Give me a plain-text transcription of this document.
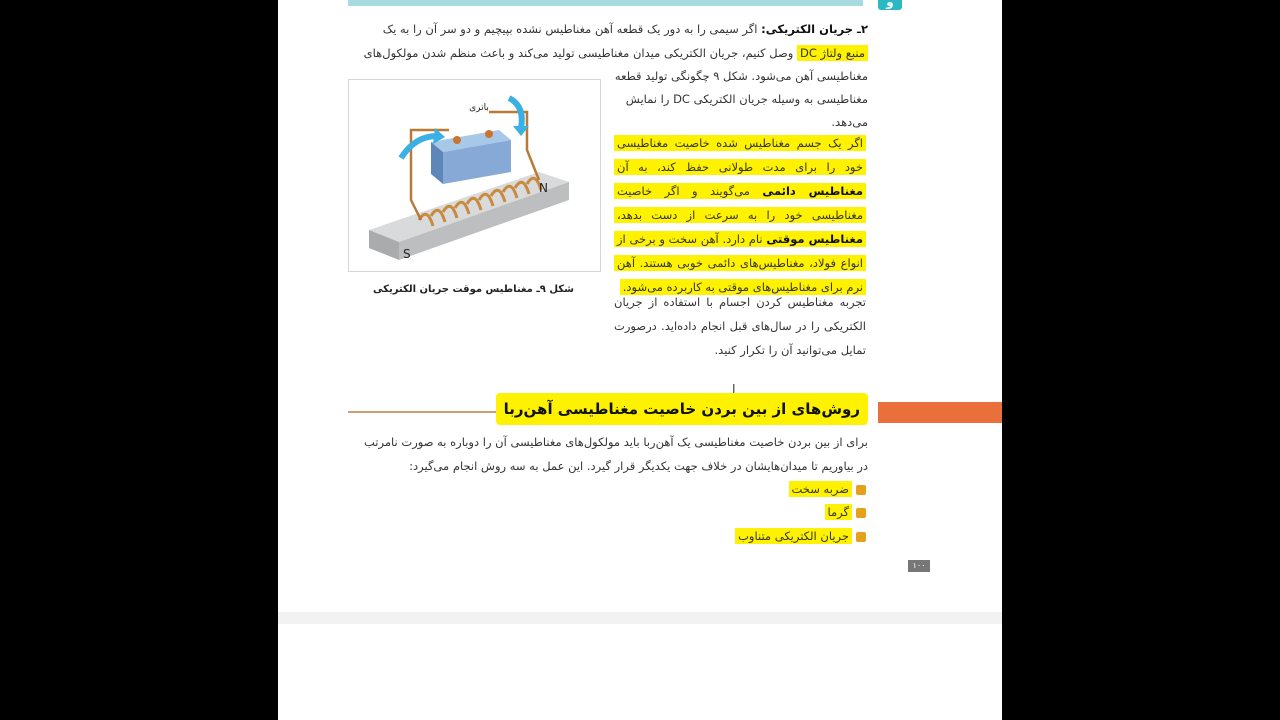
و
۲ـ جریان الکتریکی: اگر سیمی را به دور یک قطعه آهن مغناطیس نشده بپیچیم و دو سر آن را به یک
منبع ولتاژ DC وصل کنیم، جریان الکتریکی میدان مغناطیسی تولید می‌کند و باعث منظم شدن مولکول‌های
مغناطیسی آهن می‌شود. شکل ۹ چگونگی تولید قطعه
مغناطیسی به وسیله جریان الکتریکی DC را نمایش
می‌دهد.
اگر یک جسم مغناطیس شده خاصیت مغناطیسی خود را برای مدت طولانی حفظ کند، به آن مغناطیس دائمی می‌گویند و اگر خاصیت مغناطیسی خود را به سرعت از دست بدهد، مغناطیس موقتی نام دارد. آهن سخت و برخی از انواع فولاد، مغناطیس‌های دائمی خوبی هستند. آهن نرم برای مغناطیس‌های موقتی به کاربرده می‌شود.
تجربه مغناطیس کردن اجسام با استفاده از جریان الکتریکی را در سال‌های قبل انجام داده‌اید. درصورت تمایل می‌توانید آن را تکرار کنید.
باتری
S
N
شکل ۹ـ مغناطیس موقت جریان الکتریکی
روش‌های از بین بردن خاصیت مغناطیسی آهن‌ربا
I
برای از بین بردن خاصیت مغناطیسی یک آهن‌ربا باید مولکول‌های مغناطیسی آن را دوباره به صورت نامرتب
در بیاوریم تا میدان‌هایشان در خلاف جهت یکدیگر قرار گیرد. این عمل به سه روش انجام می‌گیرد:
ضربه سخت
گرما
جریان الکتریکی متناوب
۱۰۰
